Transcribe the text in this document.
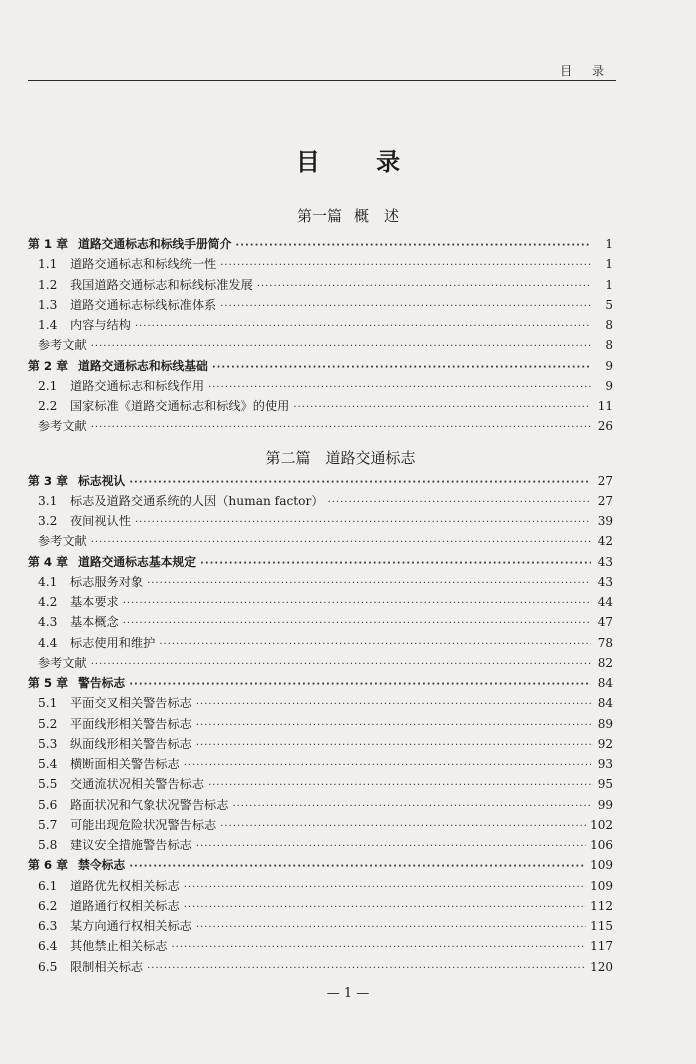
目 录
目 录
第一篇 概　述
第 1 章 道路交通标志和标线手册简介 ·····	1
1.1	道路交通标志和标线统一性 ·····	1
1.2	我国道路交通标志和标线标准发展 ·····	1
1.3	道路交通标志标线标准体系 ·····	5
1.4	内容与结构 ·····	8
参考文献 ·····	8
第 2 章 道路交通标志和标线基础 ·····	9
2.1	道路交通标志和标线作用 ·····	9
2.2	国家标准《道路交通标志和标线》的使用 ·····	11
参考文献 ·····	26
第二篇　 道路交通标志
第 3 章 标志视认 ·····	27
3.1	标志及道路交通系统的人因（human factor） ·····	27
3.2	夜间视认性 ·····	39
参考文献 ·····	42
第 4 章 道路交通标志基本规定 ·····	43
4.1	标志服务对象 ·····	43
4.2	基本要求 ·····	44
4.3	基本概念 ·····	47
4.4	标志使用和维护 ·····	78
参考文献 ·····	82
第 5 章 警告标志 ·····	84
5.1	平面交叉相关警告标志 ·····	84
5.2	平面线形相关警告标志 ·····	89
5.3	纵面线形相关警告标志 ·····	92
5.4	横断面相关警告标志 ·····	93
5.5	交通流状况相关警告标志 ·····	95
5.6	路面状况和气象状况警告标志 ·····	99
5.7	可能出现危险状况警告标志 ·····	102
5.8	建议安全措施警告标志 ·····	106
第 6 章 禁令标志 ·····	109
6.1	道路优先权相关标志 ·····	109
6.2	道路通行权相关标志 ·····	112
6.3	某方向通行权相关标志 ·····	115
6.4	其他禁止相关标志 ·····	117
6.5	限制相关标志 ·····	120
— 1 —
